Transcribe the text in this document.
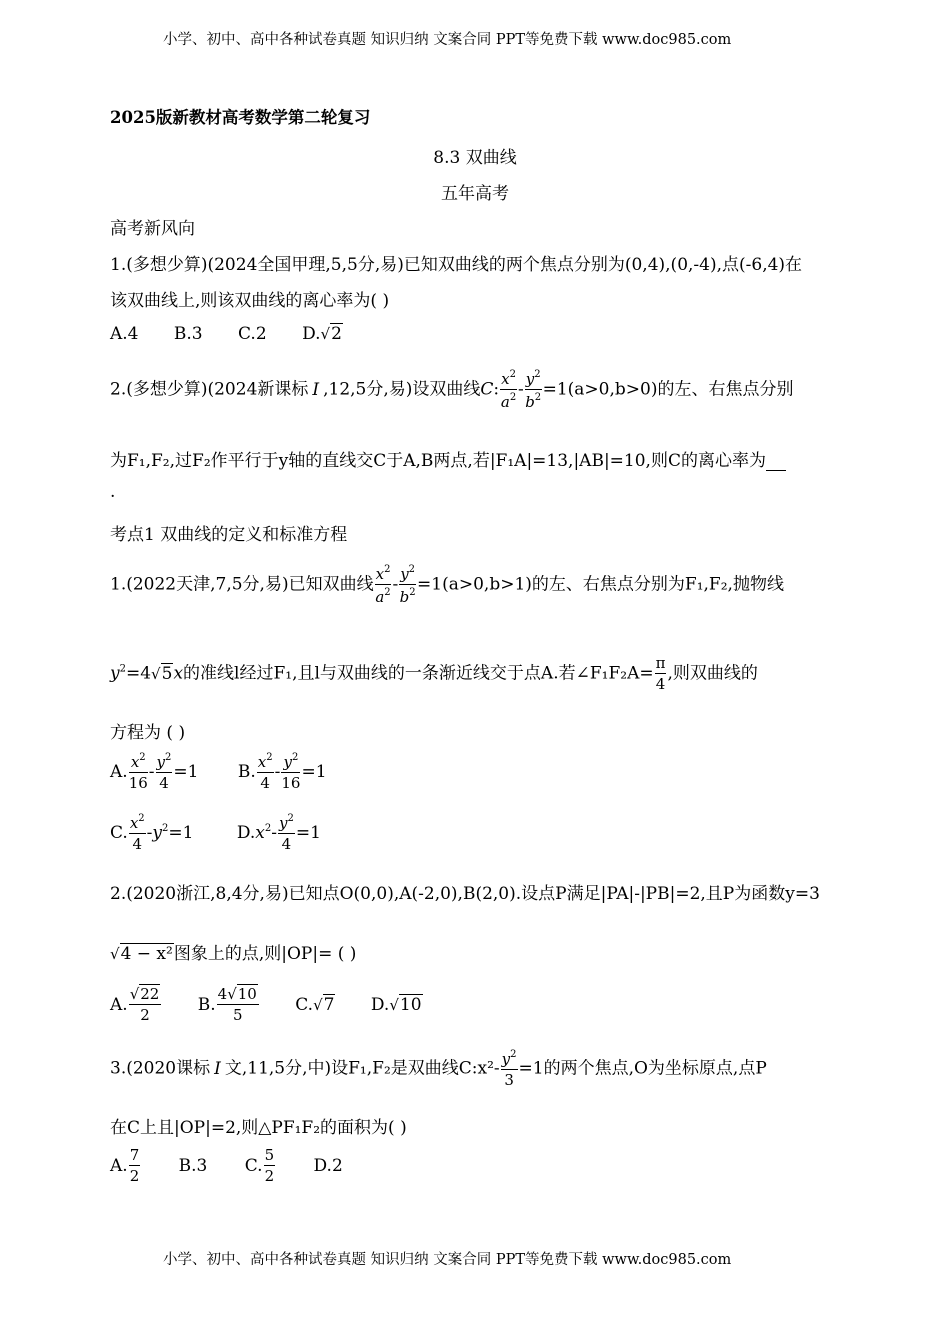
小学、初中、高中各种试卷真题 知识归纳 文案合同 PPT等免费下载 www.doc985.com
2025版新教材高考数学第二轮复习
8.3 双曲线
五年高考
高考新风向
1.(多想少算)(2024全国甲理,5,5分,易)已知双曲线的两个焦点分别为(0,4),(0,-4),点(-6,4)在
该双曲线上,则该双曲线的离心率为( )
A.4 B.3 C.2 D.√2
2.(多想少算)(2024新课标 Ⅰ ,12,5分,易)设双曲线C: $\frac{x^2}{a^2} - \frac{y^2}{b^2} =1(a>0,b>0)$的左、右焦点分别
为F₁,F₂,过F₂作平行于y轴的直线交C于A,B两点,若|F₁A|=13,|AB|=10,则C的离心率为
.
考点1 双曲线的定义和标准方程
1.(2022天津,7,5分,易)已知双曲线 $\frac{x^2}{a^2} - \frac{y^2}{b^2} =1(a>0,b>1)$的左、右焦点分别为F₁,F₂,抛物线
$y^2=4√5x$的准线l经过F₁,且l与双曲线的一条渐近线交于点A.若∠F₁F₂A= $\frac{\pi}{4}$ ,则双曲线的
方程为 ( )
A. $\frac{x^2}{16} - \frac{y^2}{4} =1$ B. $\frac{x^2}{4} - \frac{y^2}{16} =1$
C. $\frac{x^2}{4} -y^2=1$	$D.x^2- \frac{y^2}{4} =1$
2.(2020浙江,8,4分,易)已知点O(0,0),A(-2,0),B(2,0).设点P满足|PA|-|PB|=2,且P为函数y=3
√4 − x²图象上的点,则|OP|= ( )
A. $\frac{√22}{2} B$. $\frac{4√10}{5} C.√7$ D.√10
3.(2020课标 Ⅰ 文,11,5分,中)设F₁,F₂是双曲线C:x²- $\frac{y^2}{3} =1$的两个焦点,O为坐标原点,点P
在C上且|OP|=2,则△PF₁F₂的面积为( )
A. $\frac{7}{2} B.3$ C. $\frac{5}{2} D.2$
小学、初中、高中各种试卷真题 知识归纳 文案合同 PPT等免费下载 www.doc985.com
